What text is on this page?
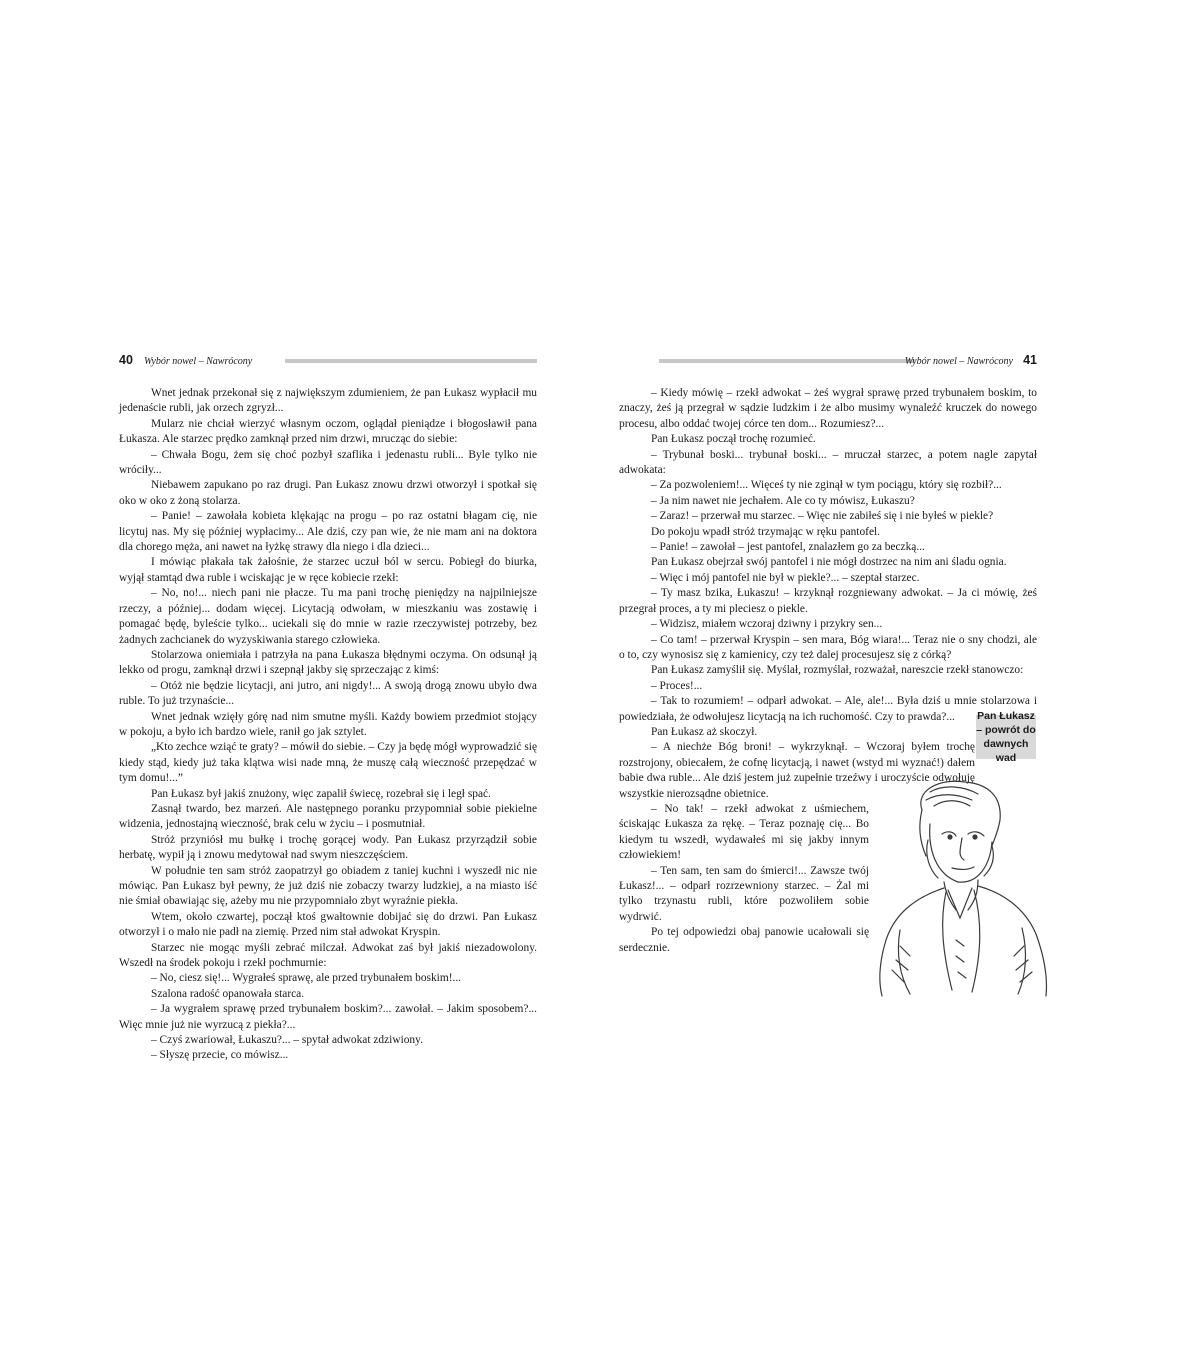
40 Wybór nowel – Nawrócony

Wnet jednak przekonał się z największym zdumieniem, że pan Łukasz wypłacił mu jedenaście rubli, jak orzech zgryzł...

Mularz nie chciał wierzyć własnym oczom, oglądał pieniądze i błogosławił pana Łukasza. Ale starzec prędko zamknął przed nim drzwi, mrucząc do siebie:

– Chwała Bogu, żem się choć pozbył szaflika i jedenastu rubli... Byle tylko nie wróciły...

Niebawem zapukano po raz drugi. Pan Łukasz znowu drzwi otworzył i spotkał się oko w oko z żoną stolarza.

– Panie! – zawołała kobieta klękając na progu – po raz ostatni błagam cię, nie licytuj nas. My się później wypłacimy... Ale dziś, czy pan wie, że nie mam ani na doktora dla chorego męża, ani nawet na łyżkę strawy dla niego i dla dzieci...

I mówiąc płakała tak żałośnie, że starzec uczuł ból w sercu. Pobiegł do biurka, wyjął stamtąd dwa ruble i wciskając je w ręce kobiecie rzekł:

– No, no!... niech pani nie płacze. Tu ma pani trochę pieniędzy na najpilniejsze rzeczy, a później... dodam więcej. Licytacją odwołam, w mieszkaniu was zostawię i pomagać będę, byleście tylko... uciekali się do mnie w razie rzeczywistej potrzeby, bez żadnych zachcianek do wyzyskiwania starego człowieka.

Stolarzowa oniemiała i patrzyła na pana Łukasza błędnymi oczyma. On odsunął ją lekko od progu, zamknął drzwi i szepnął jakby się sprzeczając z kimś:

– Otóż nie będzie licytacji, ani jutro, ani nigdy!... A swoją drogą znowu ubyło dwa ruble. To już trzynaście...

Wnet jednak wzięły górę nad nim smutne myśli. Każdy bowiem przedmiot stojący w pokoju, a było ich bardzo wiele, ranił go jak sztylet.

„Kto zechce wziąć te graty? – mówił do siebie. – Czy ja będę mógł wyprowadzić się kiedy stąd, kiedy już taka klątwa wisi nade mną, że muszę całą wieczność przepędzać w tym domu!...”

Pan Łukasz był jakiś znużony, więc zapalił świecę, rozebrał się i legł spać.

Zasnął twardo, bez marzeń. Ale następnego poranku przypomniał sobie piekielne widzenia, jednostajną wieczność, brak celu w życiu – i posmutniał.

Stróż przyniósł mu bułkę i trochę gorącej wody. Pan Łukasz przyrządził sobie herbatę, wypił ją i znowu medytował nad swym nieszczęściem.

W południe ten sam stróż zaopatrzył go obiadem z taniej kuchni i wyszedł nic nie mówiąc. Pan Łukasz był pewny, że już dziś nie zobaczy twarzy ludzkiej, a na miasto iść nie śmiał obawiając się, ażeby mu nie przypomniało zbyt wyraźnie piekła.

Wtem, około czwartej, począł ktoś gwałtownie dobijać się do drzwi. Pan Łukasz otworzył i o mało nie padł na ziemię. Przed nim stał adwokat Kryspin.

Starzec nie mogąc myśli zebrać milczał. Adwokat zaś był jakiś niezadowolony. Wszedł na środek pokoju i rzekł pochmurnie:

– No, ciesz się!... Wygrałeś sprawę, ale przed trybunałem boskim!...

Szalona radość opanowała starca.

– Ja wygrałem sprawę przed trybunałem boskim?... zawołał. – Jakim sposobem?... Więc mnie już nie wyrzucą z piekła?...

– Czyś zwariował, Łukaszu?... – spytał adwokat zdziwiony.

– Słyszę przecie, co mówisz...

Wybór nowel – Nawrócony 41

– Kiedy mówię – rzekł adwokat – żeś wygrał sprawę przed trybunałem boskim, to znaczy, żeś ją przegrał w sądzie ludzkim i że albo musimy wynaleźć kruczek do nowego procesu, albo oddać twojej córce ten dom... Rozumiesz?...

Pan Łukasz począł trochę rozumieć.

– Trybunał boski... trybunał boski... – mruczał starzec, a potem nagle zapytał adwokata:

– Za pozwoleniem!... Więceś ty nie zginął w tym pociągu, który się rozbił?...

– Ja nim nawet nie jechałem. Ale co ty mówisz, Łukaszu?

– Zaraz! – przerwał mu starzec. – Więc nie zabiłeś się i nie byłeś w piekle?

Do pokoju wpadł stróż trzymając w ręku pantofel.

– Panie! – zawołał – jest pantofel, znalazłem go za beczką...

Pan Łukasz obejrzał swój pantofel i nie mógł dostrzec na nim ani śladu ognia.

– Więc i mój pantofel nie był w piekle?... – szeptał starzec.

– Ty masz bzika, Łukaszu! – krzyknął rozgniewany adwokat. – Ja ci mówię, żeś przegrał proces, a ty mi pleciesz o piekle.

– Widzisz, miałem wczoraj dziwny i przykry sen...

– Co tam! – przerwał Kryspin – sen mara, Bóg wiara!... Teraz nie o sny chodzi, ale o to, czy wynosisz się z kamienicy, czy też dalej procesujesz się z córką?

Pan Łukasz zamyślił się. Myślał, rozmyślał, rozważał, nareszcie rzekł stanowczo:

– Proces!...

– Tak to rozumiem! – odparł adwokat. – Ale, ale!... Była dziś u mnie stolarzowa i powiedziała, że odwołujesz licytacją na ich ruchomość. Czy to prawda?...

Pan Łukasz aż skoczył.

– A niechże Bóg broni! – wykrzyknął. – Wczoraj byłem trochę rozstrojony, obiecałem, że cofnę licytacją, i nawet (wstyd mi wyznać!) dałem babie dwa ruble... Ale dziś jestem już zupełnie trzeźwy i uroczyście odwołuję wszystkie nierozsądne obietnice.

– No tak! – rzekł adwokat z uśmiechem, ściskając Łukasza za rękę. – Teraz poznaję cię... Bo kiedym tu wszedł, wydawałeś mi się jakby innym człowiekiem!

– Ten sam, ten sam do śmierci!... Zawsze twój Łukasz!... – odparł rozrzewniony starzec. – Żal mi tylko trzynastu rubli, które pozwoliłem sobie wydrwić.

Po tej odpowiedzi obaj panowie ucałowali się serdecznie.

Pan Łukasz – powrót do dawnych wad
